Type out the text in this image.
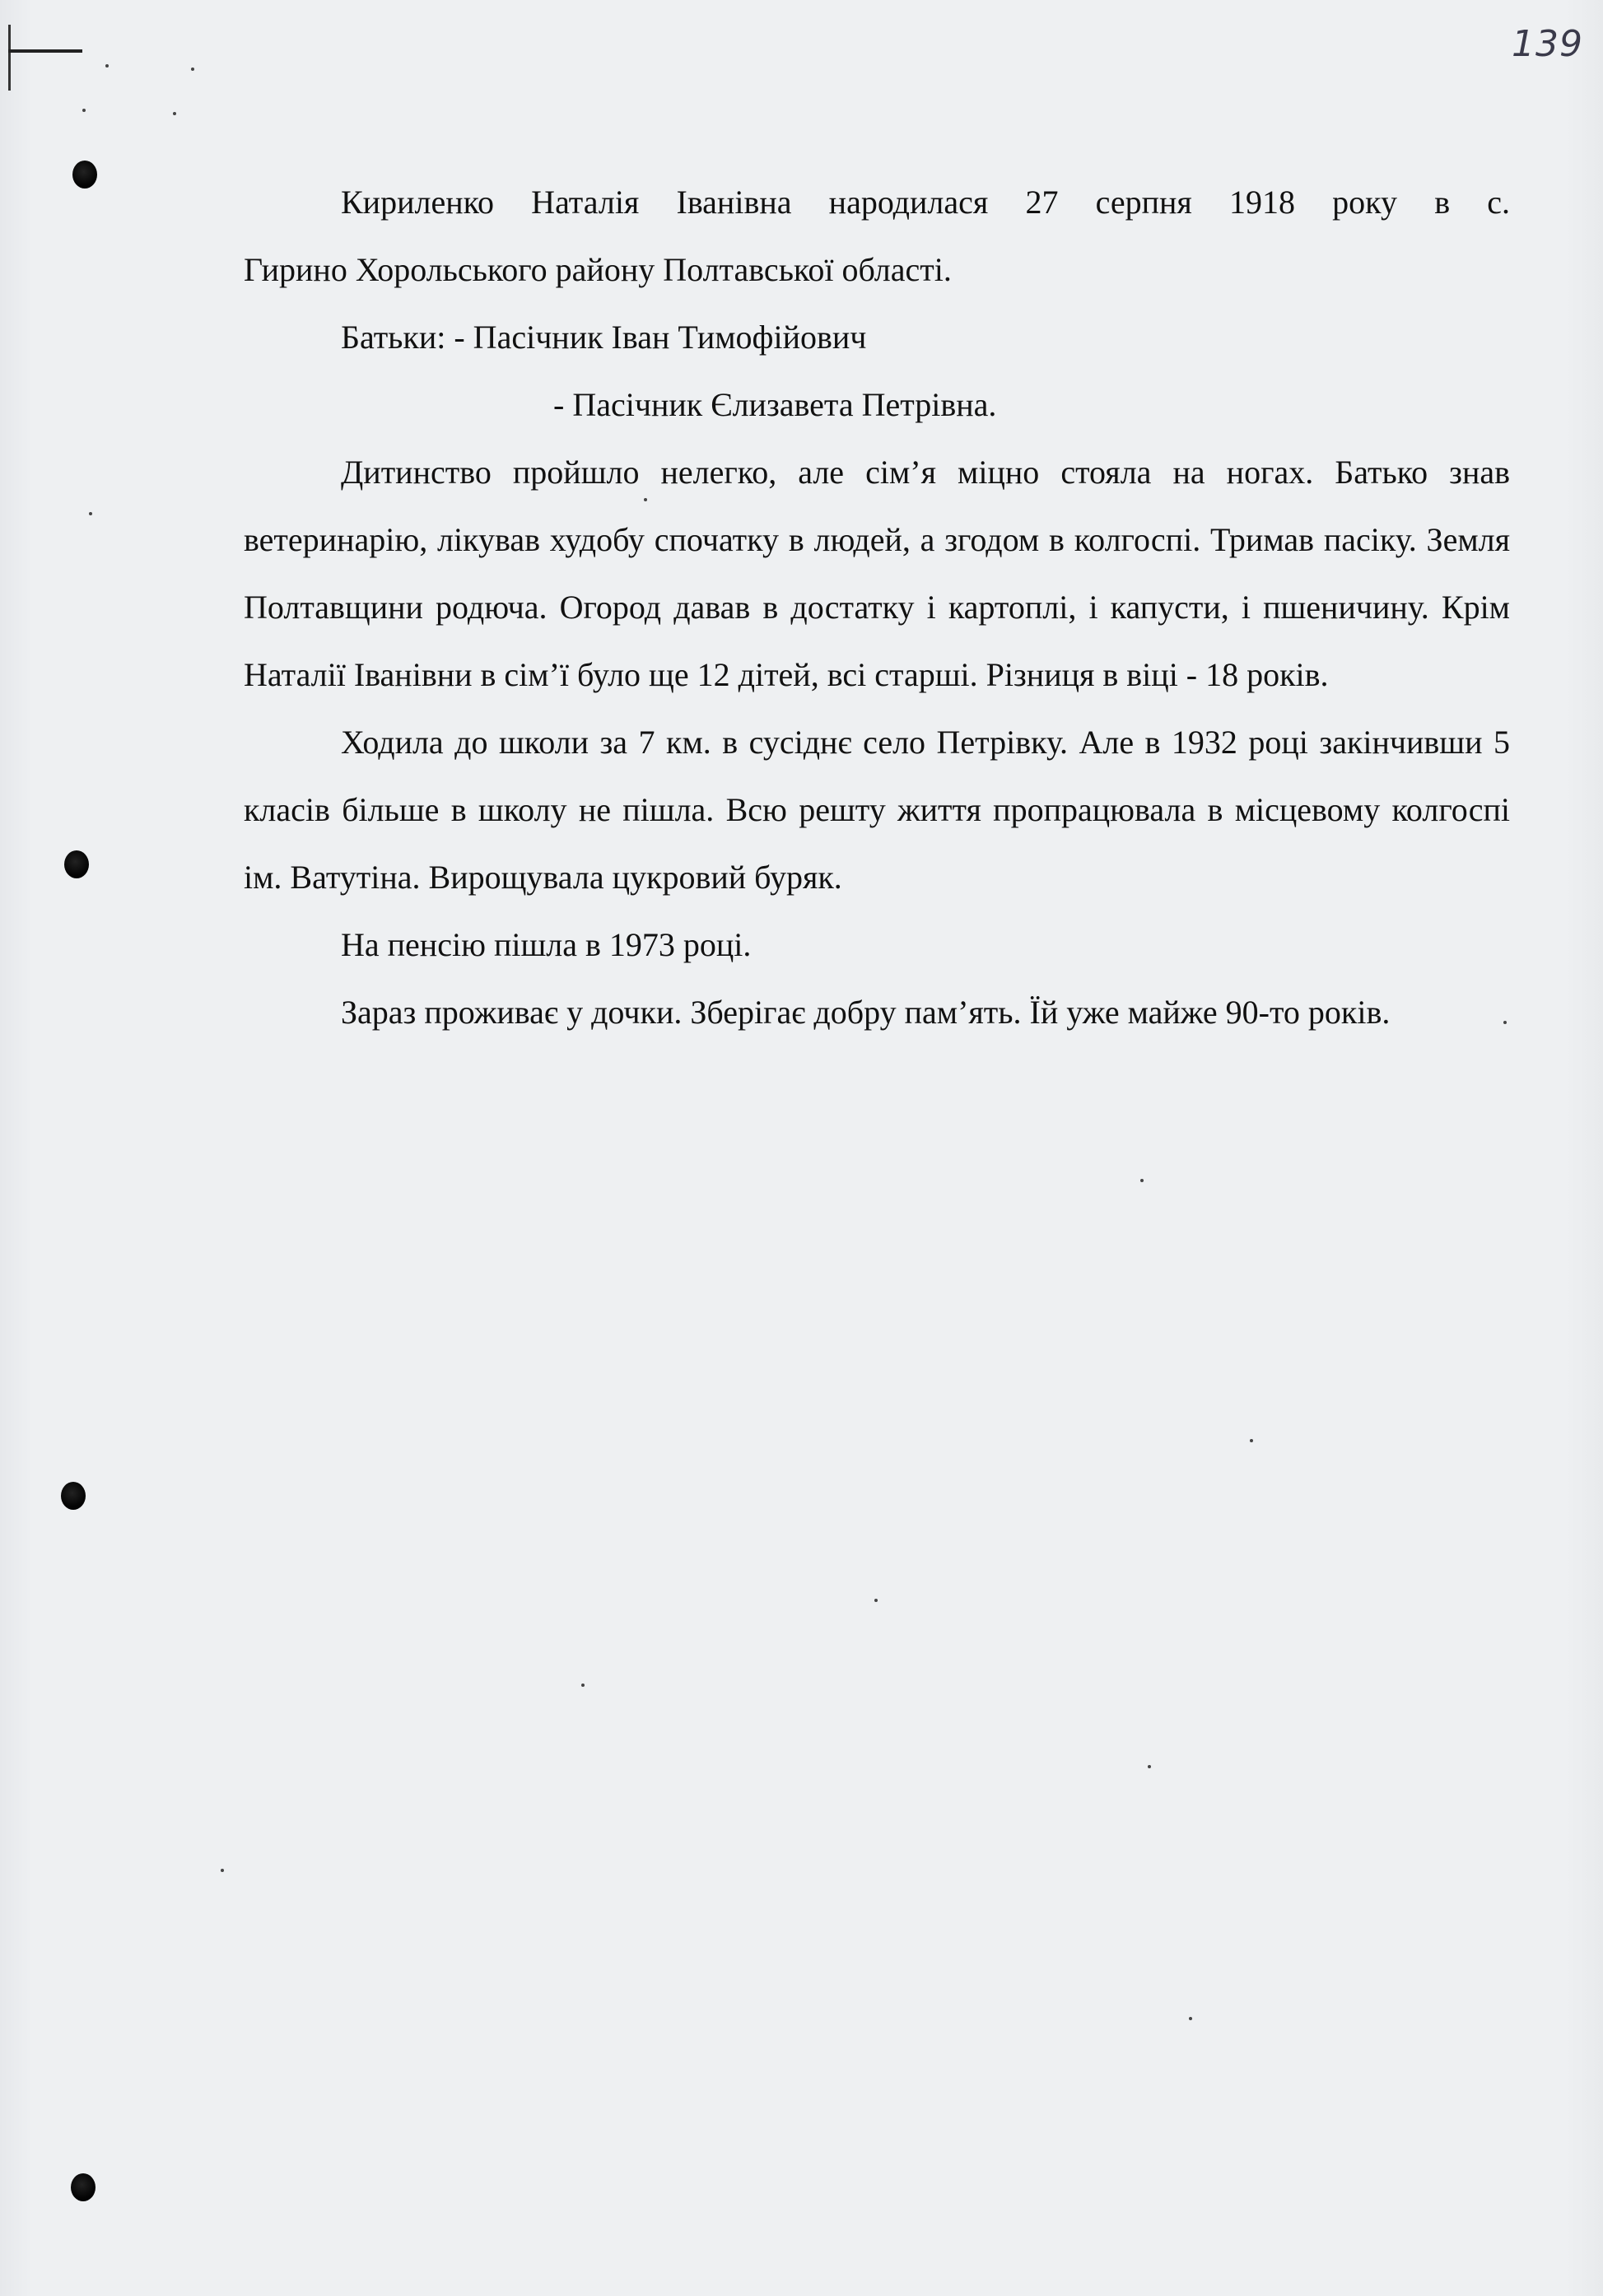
139

Кириленко Наталія Іванівна народилася 27 серпня 1918 року в с.

Гирино Хорольського району Полтавської області.

Батьки: - Пасічник Іван Тимофійович

- Пасічник Єлизавета Петрівна.

Дитинство пройшло нелегко, але сім’я міцно стояла на ногах. Батько знав ветеринарію, лікував худобу спочатку в людей, а згодом в колгоспі. Тримав пасіку. Земля Полтавщини родюча. Огород давав в достатку і картоплі, і капусти, і пшеничину. Крім Наталії Іванівни в сім’ї було ще 12 дітей, всі старші. Різниця в віці - 18 років.

Ходила до школи за 7 км. в сусіднє село Петрівку. Але в 1932 році закінчивши 5 класів більше в школу не пішла. Всю решту життя пропрацювала в місцевому колгоспі ім. Ватутіна. Вирощувала цукровий буряк.

На пенсію пішла в 1973 році.

Зараз проживає у дочки. Зберігає добру пам’ять. Їй уже майже 90-то років.
